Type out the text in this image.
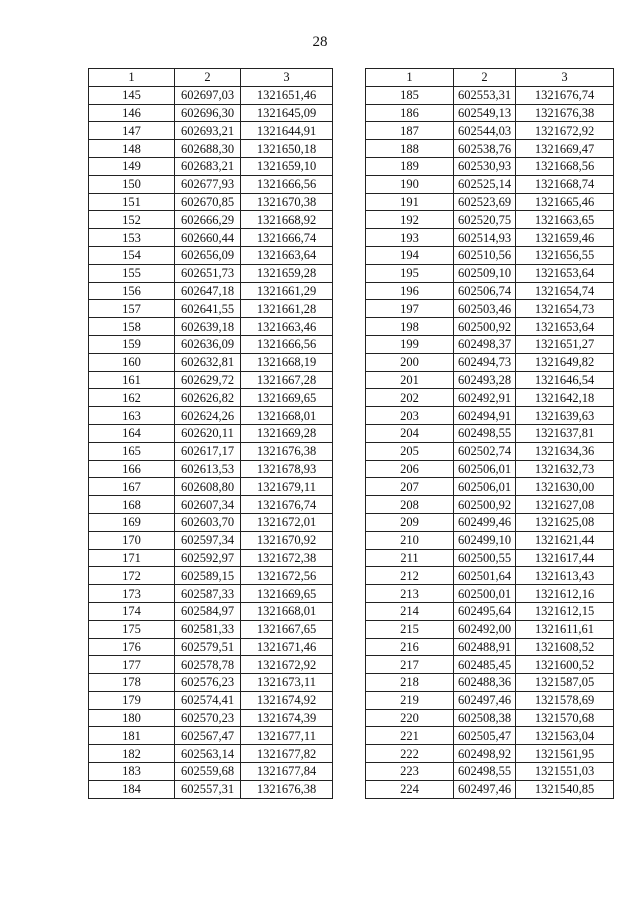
28
1	2	3
145	602697,03	1321651,46
146	602696,30	1321645,09
147	602693,21	1321644,91
148	602688,30	1321650,18
149	602683,21	1321659,10
150	602677,93	1321666,56
151	602670,85	1321670,38
152	602666,29	1321668,92
153	602660,44	1321666,74
154	602656,09	1321663,64
155	602651,73	1321659,28
156	602647,18	1321661,29
157	602641,55	1321661,28
158	602639,18	1321663,46
159	602636,09	1321666,56
160	602632,81	1321668,19
161	602629,72	1321667,28
162	602626,82	1321669,65
163	602624,26	1321668,01
164	602620,11	1321669,28
165	602617,17	1321676,38
166	602613,53	1321678,93
167	602608,80	1321679,11
168	602607,34	1321676,74
169	602603,70	1321672,01
170	602597,34	1321670,92
171	602592,97	1321672,38
172	602589,15	1321672,56
173	602587,33	1321669,65
174	602584,97	1321668,01
175	602581,33	1321667,65
176	602579,51	1321671,46
177	602578,78	1321672,92
178	602576,23	1321673,11
179	602574,41	1321674,92
180	602570,23	1321674,39
181	602567,47	1321677,11
182	602563,14	1321677,82
183	602559,68	1321677,84
184	602557,31	1321676,38
1	2	3
185	602553,31	1321676,74
186	602549,13	1321676,38
187	602544,03	1321672,92
188	602538,76	1321669,47
189	602530,93	1321668,56
190	602525,14	1321668,74
191	602523,69	1321665,46
192	602520,75	1321663,65
193	602514,93	1321659,46
194	602510,56	1321656,55
195	602509,10	1321653,64
196	602506,74	1321654,74
197	602503,46	1321654,73
198	602500,92	1321653,64
199	602498,37	1321651,27
200	602494,73	1321649,82
201	602493,28	1321646,54
202	602492,91	1321642,18
203	602494,91	1321639,63
204	602498,55	1321637,81
205	602502,74	1321634,36
206	602506,01	1321632,73
207	602506,01	1321630,00
208	602500,92	1321627,08
209	602499,46	1321625,08
210	602499,10	1321621,44
211	602500,55	1321617,44
212	602501,64	1321613,43
213	602500,01	1321612,16
214	602495,64	1321612,15
215	602492,00	1321611,61
216	602488,91	1321608,52
217	602485,45	1321600,52
218	602488,36	1321587,05
219	602497,46	1321578,69
220	602508,38	1321570,68
221	602505,47	1321563,04
222	602498,92	1321561,95
223	602498,55	1321551,03
224	602497,46	1321540,85
